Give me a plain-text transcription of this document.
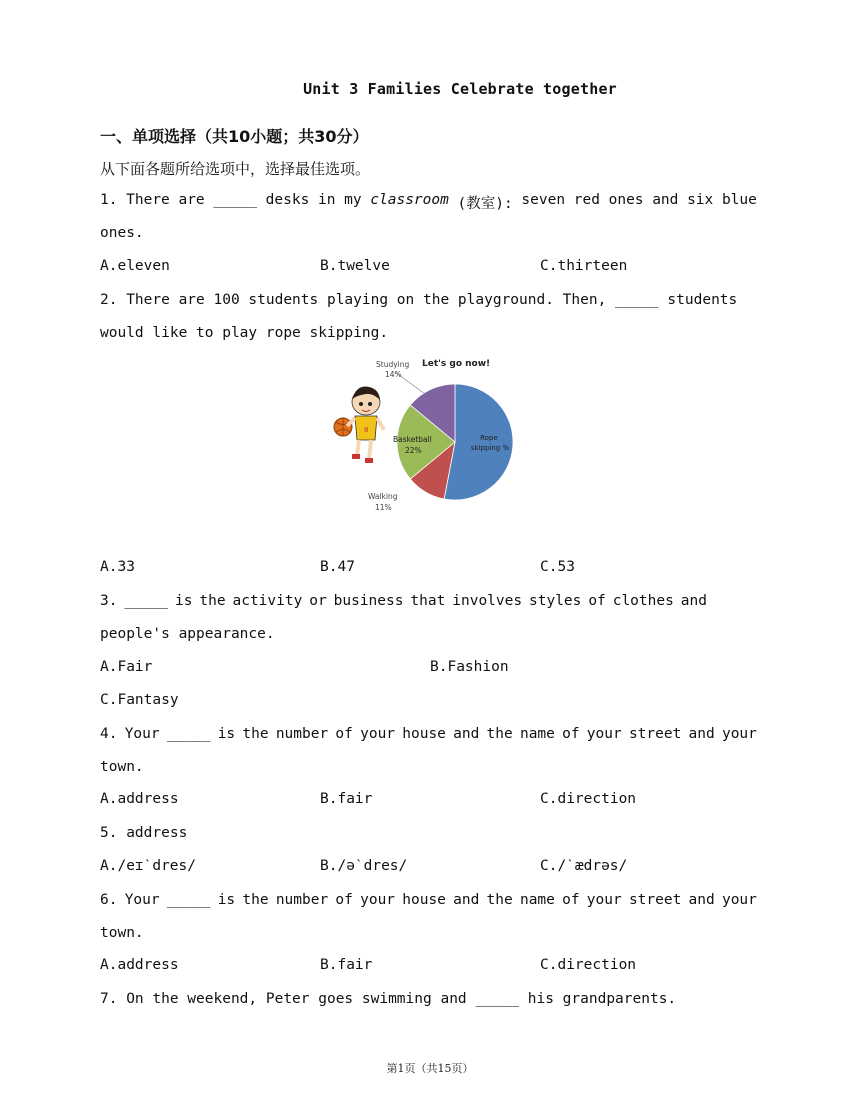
Unit 3 Families Celebrate together
一、单项选择（共10小题；共30分）
从下面各题所给选项中，选择最佳选项。
1. There are _____ desks in my classroom (教室): seven red ones and six blue
ones.
A.eleven	B.twelve	C.thirteen
2. There are 100 students playing on the playground. Then, _____ students
would like to play rope skipping.
8
Studying
14%
Let's go now!
Rope skipping %
Basketball
22%
Walking
11%
A.33	B.47	C.53
3. _____ is the activity or business that involves styles of clothes and
people's appearance.
A.Fair	B.Fashion
C.Fantasy
4. Your _____ is the number of your house and the name of your street and your
town.
A.address	B.fair	C.direction
5. address
A./eɪˋdres/	B./əˋdres/	C./ˋædrəs/
6. Your _____ is the number of your house and the name of your street and your
town.
A.address	B.fair	C.direction
7. On the weekend, Peter goes swimming and _____ his grandparents.
第1页（共15页）
